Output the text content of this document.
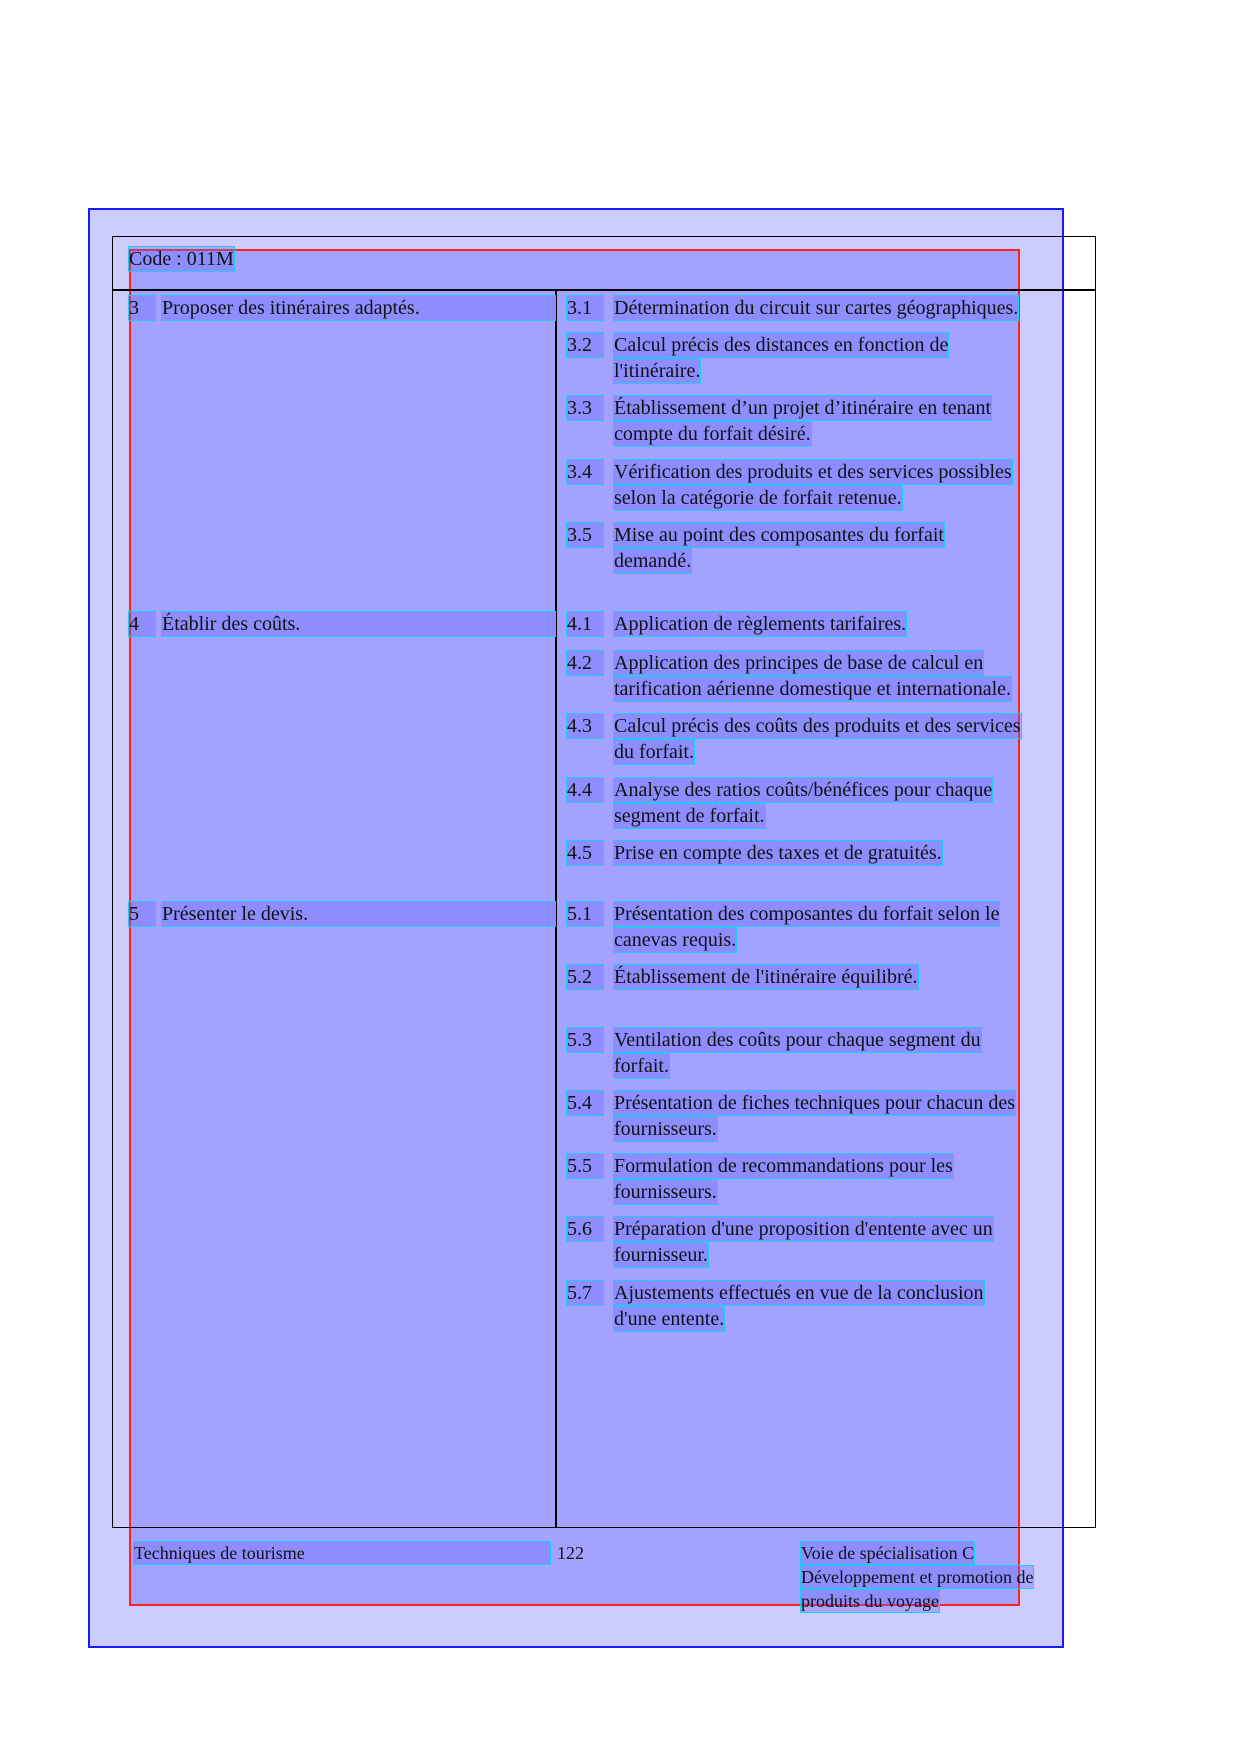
Code : 011M
3	Proposer des itinéraires adaptés.	3.1	Détermination du circuit sur cartes géographiques.
3.2	Calcul précis des distances en fonction de
l'itinéraire.
3.3	Établissement d’un projet d’itinéraire en tenant
compte du forfait désiré.
3.4	Vérification des produits et des services possibles
selon la catégorie de forfait retenue.
3.5	Mise au point des composantes du forfait
demandé.
4	Établir des coûts.	4.1	Application de règlements tarifaires.
4.2	Application des principes de base de calcul en
tarification aérienne domestique et internationale.
4.3	Calcul précis des coûts des produits et des services
du forfait.
4.4	Analyse des ratios coûts/bénéfices pour chaque
segment de forfait.
4.5	Prise en compte des taxes et de gratuités.
5	Présenter le devis.	5.1	Présentation des composantes du forfait selon le
canevas requis.
5.2	Établissement de l'itinéraire équilibré.
5.3	Ventilation des coûts pour chaque segment du
forfait.
5.4	Présentation de fiches techniques pour chacun des
fournisseurs.
5.5	Formulation de recommandations pour les
fournisseurs.
5.6	Préparation d'une proposition d'entente avec un
fournisseur.
5.7	Ajustements effectués en vue de la conclusion
d'une entente.
Techniques de tourisme	122	Voie de spécialisation C
Développement et promotion de
produits du voyage
